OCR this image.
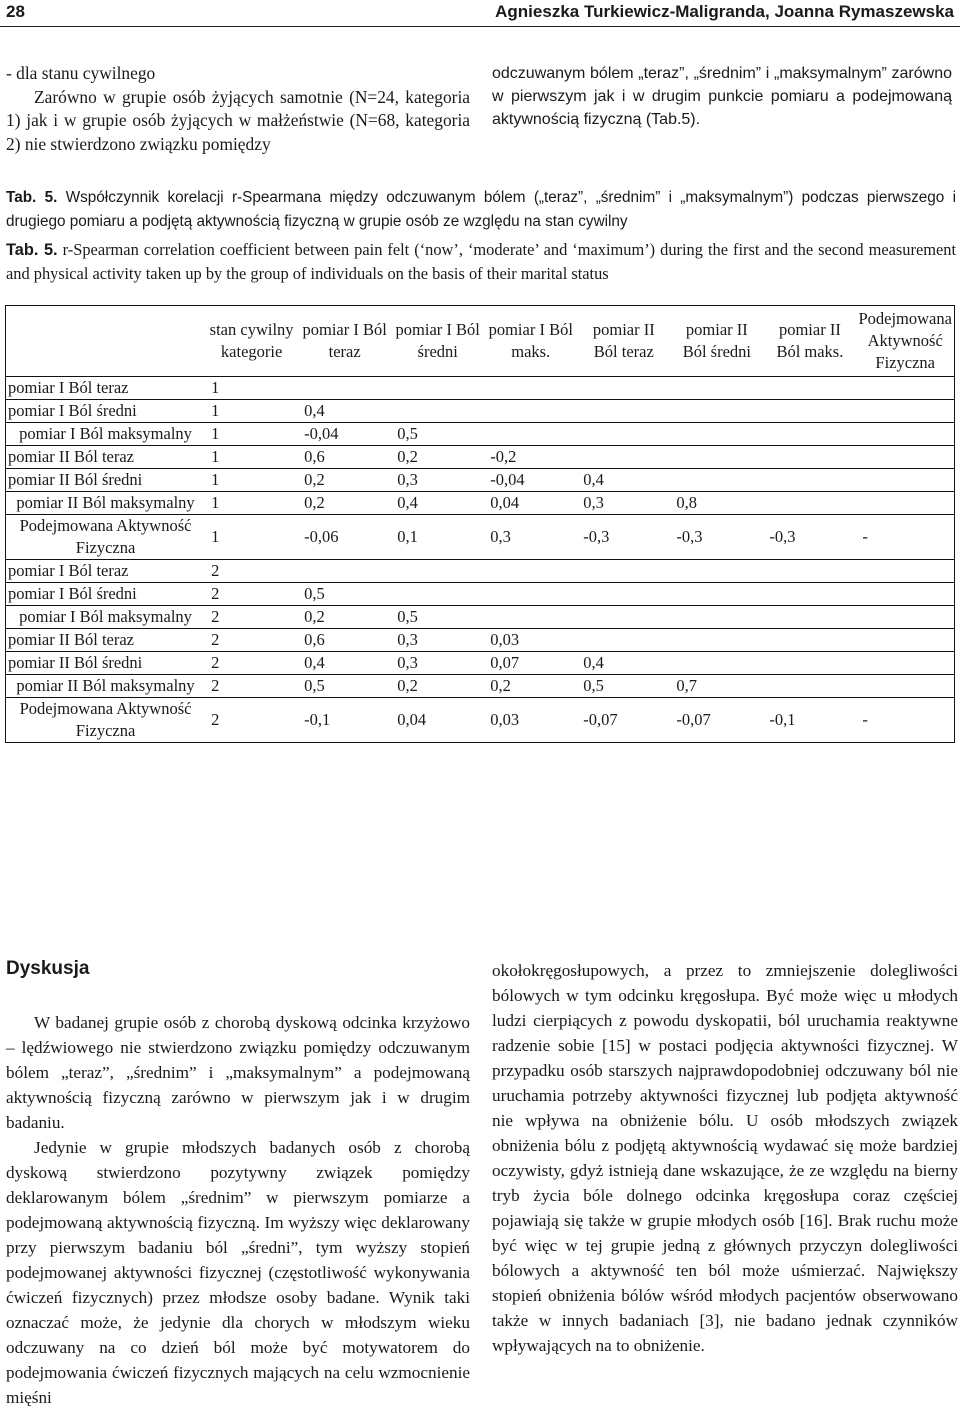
28	Agnieszka Turkiewicz-Maligranda, Joanna Rymaszewska

- dla stanu cywilnego

Zarówno w grupie osób żyjących samotnie (N=24, kategoria 1) jak i w grupie osób żyjących w małżeństwie (N=68, kategoria 2) nie stwierdzono związku pomiędzy

odczuwanym bólem „teraz”, „średnim” i „maksymalnym” zarówno w pierwszym jak i w drugim punkcie pomiaru a podejmowaną aktywnością fizyczną (Tab.5).

Tab. 5. Współczynnik korelacji r-Spearmana między odczuwanym bólem („teraz”, „średnim” i „maksymalnym”) podczas pierwszego i drugiego pomiaru a podjętą aktywnością fizyczną w grupie osób ze względu na stan cywilny
Tab. 5. r-Spearman correlation coefficient between pain felt (‘now’, ‘moderate’ and ‘maximum’) during the first and the second measurement and physical activity taken up by the group of individuals on the basis of their marital status
	stan cywilny kategorie	pomiar I Ból teraz	pomiar I Ból średni	pomiar I Ból maks.	pomiar II Ból teraz	pomiar II Ból średni	pomiar II Ból maks.	Podejmowana Aktywność Fizyczna
pomiar I Ból teraz	1							
pomiar I Ból średni	1	0,4						
pomiar I Ból maksymalny	1	-0,04	0,5					
pomiar II Ból teraz	1	0,6	0,2	-0,2				
pomiar II Ból średni	1	0,2	0,3	-0,04	0,4			
pomiar II Ból maksymalny	1	0,2	0,4	0,04	0,3	0,8		
Podejmowana Aktywność Fizyczna	1	-0,06	0,1	0,3	-0,3	-0,3	-0,3	-
pomiar I Ból teraz	2							
pomiar I Ból średni	2	0,5						
pomiar I Ból maksymalny	2	0,2	0,5					
pomiar II Ból teraz	2	0,6	0,3	0,03				
pomiar II Ból średni	2	0,4	0,3	0,07	0,4			
pomiar II Ból maksymalny	2	0,5	0,2	0,2	0,5	0,7		
Podejmowana Aktywność Fizyczna	2	-0,1	0,04	0,03	-0,07	-0,07	-0,1	-
Dyskusja

W badanej grupie osób z chorobą dyskową odcinka krzyżowo – lędźwiowego nie stwierdzono związku pomiędzy odczuwanym bólem „teraz”, „średnim” i „maksymalnym” a podejmowaną aktywnością fizyczną zarówno w pierwszym jak i w drugim badaniu.

Jedynie w grupie młodszych badanych osób z chorobą dyskową stwierdzono pozytywny związek pomiędzy deklarowanym bólem „średnim” w pierwszym pomiarze a podejmowaną aktywnością fizyczną. Im wyższy więc deklarowany przy pierwszym badaniu ból „średni”, tym wyższy stopień podejmowanej aktywności fizycznej (częstotliwość wykonywania ćwiczeń fizycznych) przez młodsze osoby badane. Wynik taki oznaczać może, że jedynie dla chorych w młodszym wieku odczuwany na co dzień ból może być motywatorem do podejmowania ćwiczeń fizycznych mających na celu wzmocnienie mięśni

okołokręgosłupowych, a przez to zmniejszenie dolegliwości bólowych w tym odcinku kręgosłupa. Być może więc u młodych ludzi cierpiących z powodu dyskopatii, ból uruchamia reaktywne radzenie sobie [15] w postaci podjęcia aktywności fizycznej. W przypadku osób starszych najprawdopodobniej odczuwany ból nie uruchamia potrzeby aktywności fizycznej lub podjęta aktywność nie wpływa na obniżenie bólu. U osób młodszych związek obniżenia bólu z podjętą aktywnością wydawać się może bardziej oczywisty, gdyż istnieją dane wskazujące, że ze względu na bierny tryb życia bóle dolnego odcinka kręgosłupa coraz częściej pojawiają się także w grupie młodych osób [16]. Brak ruchu może być więc w tej grupie jedną z głównych przyczyn dolegliwości bólowych a aktywność ten ból może uśmierzać. Największy stopień obniżenia bólów wśród młodych pacjentów obserwowano także w innych badaniach [3], nie badano jednak czynników wpływających na to obniżenie.
